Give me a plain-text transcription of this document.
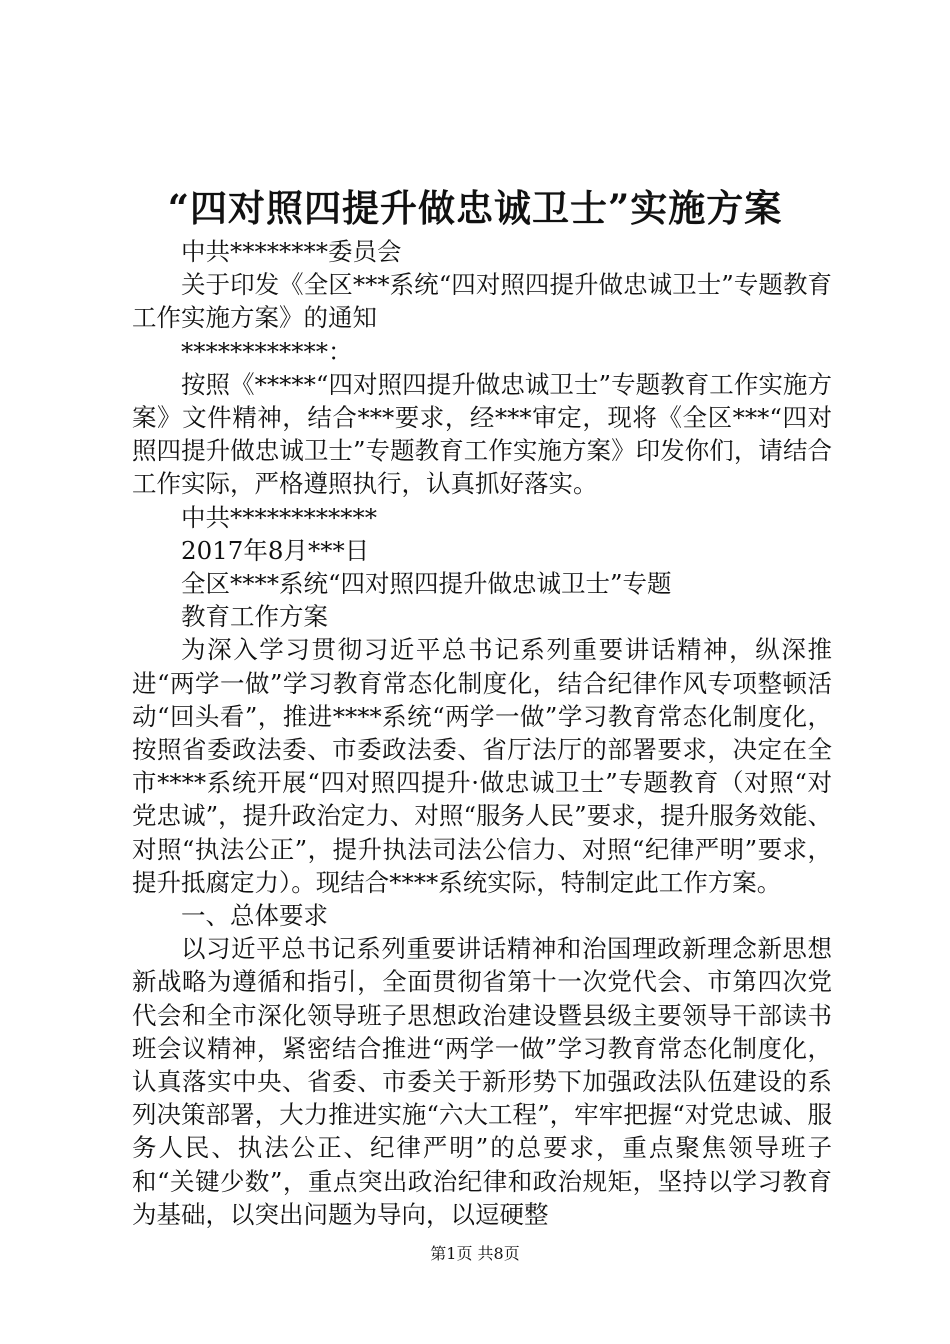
“四对照四提升做忠诚卫士”实施方案

中共********委员会

关于印发《全区***系统“四对照四提升做忠诚卫士”专题教育工作实施方案》的通知

************：

按照《*****“四对照四提升做忠诚卫士”专题教育工作实施方案》文件精神，结合***要求，经***审定，现将《全区***“四对照四提升做忠诚卫士”专题教育工作实施方案》印发你们，请结合工作实际，严格遵照执行，认真抓好落实。

中共************

2017年8月***日

全区****系统“四对照四提升做忠诚卫士”专题

教育工作方案

为深入学习贯彻习近平总书记系列重要讲话精神，纵深推进“两学一做”学习教育常态化制度化，结合纪律作风专项整顿活动“回头看”，推进****系统“两学一做”学习教育常态化制度化，按照省委政法委、市委政法委、省厅法厅的部署要求，决定在全市****系统开展“四对照四提升·做忠诚卫士”专题教育（对照“对党忠诚”，提升政治定力、对照“服务人民”要求，提升服务效能、对照“执法公正”，提升执法司法公信力、对照“纪律严明”要求，提升抵腐定力）。现结合****系统实际，特制定此工作方案。

一、总体要求

以习近平总书记系列重要讲话精神和治国理政新理念新思想新战略为遵循和指引，全面贯彻省第十一次党代会、市第四次党代会和全市深化领导班子思想政治建设暨县级主要领导干部读书班会议精神，紧密结合推进“两学一做”学习教育常态化制度化，认真落实中央、省委、市委关于新形势下加强政法队伍建设的系列决策部署，大力推进实施“六大工程”，牢牢把握“对党忠诚、服务人民、执法公正、纪律严明”的总要求，重点聚焦领导班子和“关键少数”，重点突出政治纪律和政治规矩，坚持以学习教育为基础，以突出问题为导向，以逗硬整

第1页 共8页
